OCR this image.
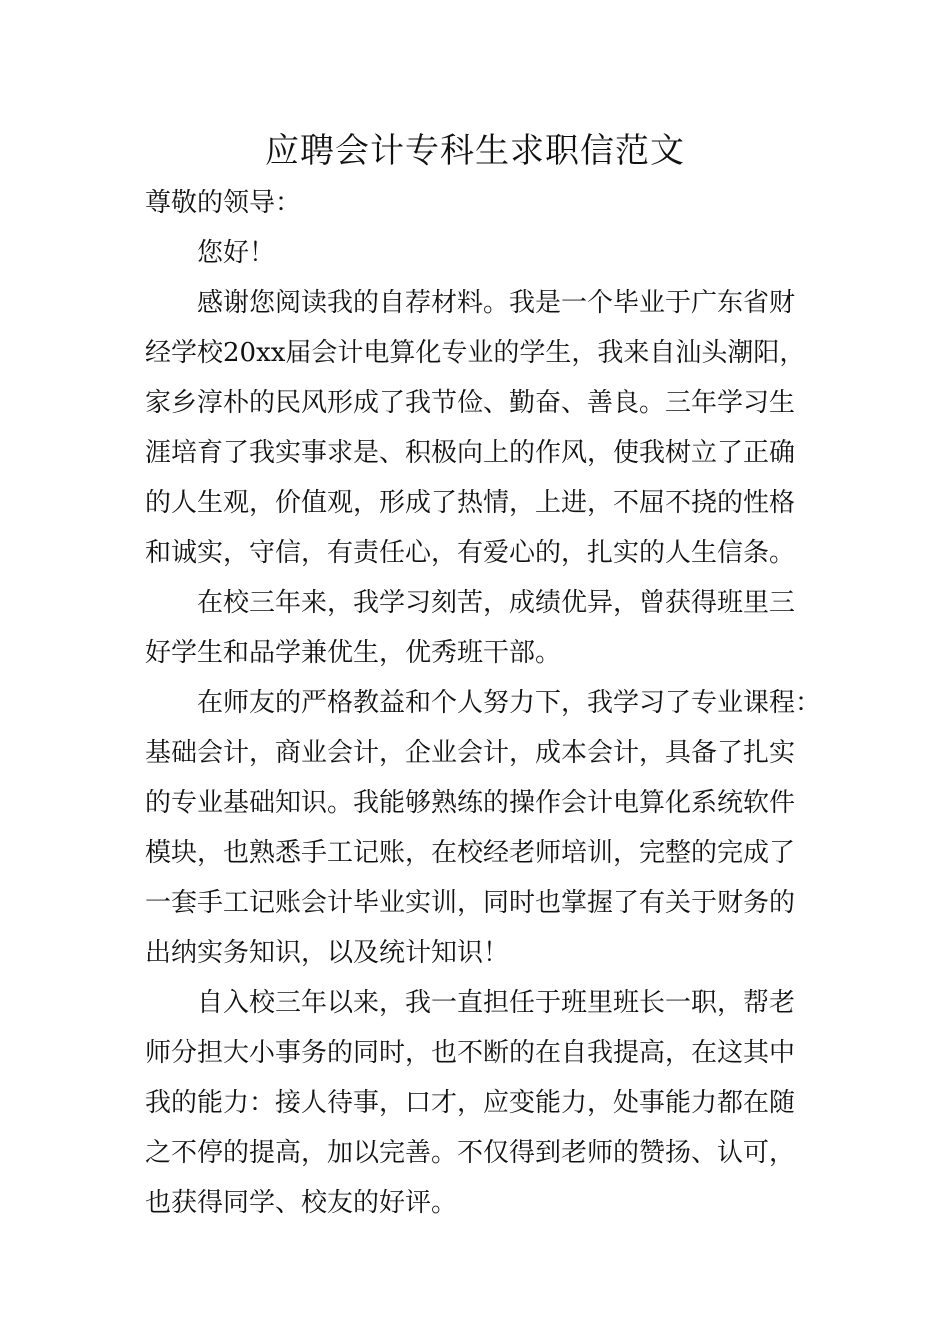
应聘会计专科生求职信范文
尊敬的领导：
您好！
感谢您阅读我的自荐材料。我是一个毕业于广东省财
经学校20xx届会计电算化专业的学生，我来自汕头潮阳，
家乡淳朴的民风形成了我节俭、勤奋、善良。三年学习生
涯培育了我实事求是、积极向上的作风，使我树立了正确
的人生观，价值观，形成了热情，上进，不屈不挠的性格
和诚实，守信，有责任心，有爱心的，扎实的人生信条。
在校三年来，我学习刻苦，成绩优异，曾获得班里三
好学生和品学兼优生，优秀班干部。
在师友的严格教益和个人努力下，我学习了专业课程：
基础会计，商业会计，企业会计，成本会计，具备了扎实
的专业基础知识。我能够熟练的操作会计电算化系统软件
模块，也熟悉手工记账，在校经老师培训，完整的完成了
一套手工记账会计毕业实训，同时也掌握了有关于财务的
出纳实务知识，以及统计知识！
自入校三年以来，我一直担任于班里班长一职，帮老
师分担大小事务的同时，也不断的在自我提高，在这其中
我的能力：接人待事，口才，应变能力，处事能力都在随
之不停的提高，加以完善。不仅得到老师的赞扬、认可，
也获得同学、校友的好评。
